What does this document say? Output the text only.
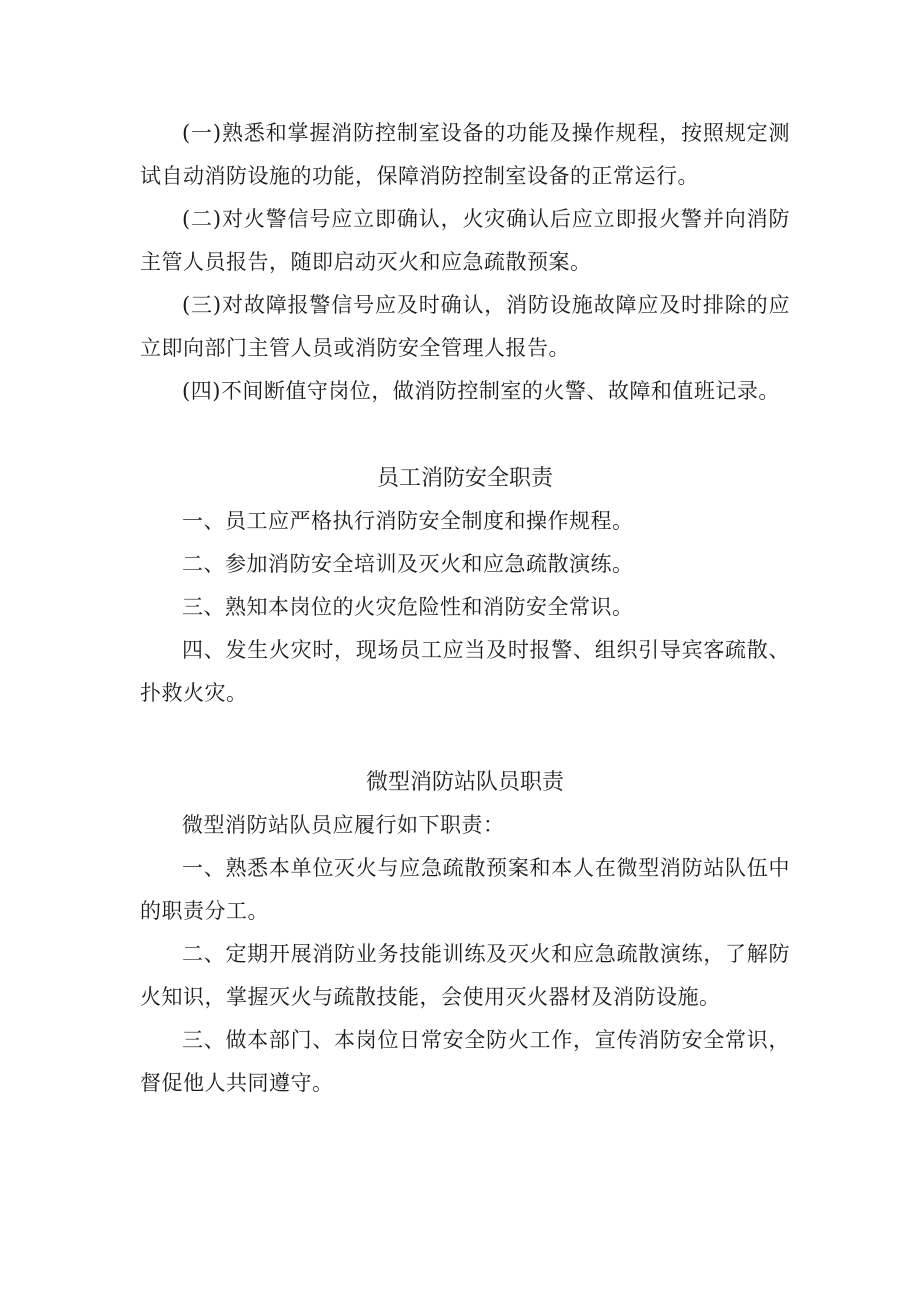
(一)熟悉和掌握消防控制室设备的功能及操作规程，按照规定测试自动消防设施的功能，保障消防控制室设备的正常运行。

(二)对火警信号应立即确认，火灾确认后应立即报火警并向消防主管人员报告，随即启动灭火和应急疏散预案。

(三)对故障报警信号应及时确认，消防设施故障应及时排除的应立即向部门主管人员或消防安全管理人报告。

(四)不间断值守岗位，做消防控制室的火警、故障和值班记录。

员工消防安全职责

一、员工应严格执行消防安全制度和操作规程。

二、参加消防安全培训及灭火和应急疏散演练。

三、熟知本岗位的火灾危险性和消防安全常识。

四、发生火灾时，现场员工应当及时报警、组织引导宾客疏散、扑救火灾。

微型消防站队员职责

微型消防站队员应履行如下职责：

一、熟悉本单位灭火与应急疏散预案和本人在微型消防站队伍中的职责分工。

二、定期开展消防业务技能训练及灭火和应急疏散演练，了解防火知识，掌握灭火与疏散技能，会使用灭火器材及消防设施。

三、做本部门、本岗位日常安全防火工作，宣传消防安全常识，督促他人共同遵守。
